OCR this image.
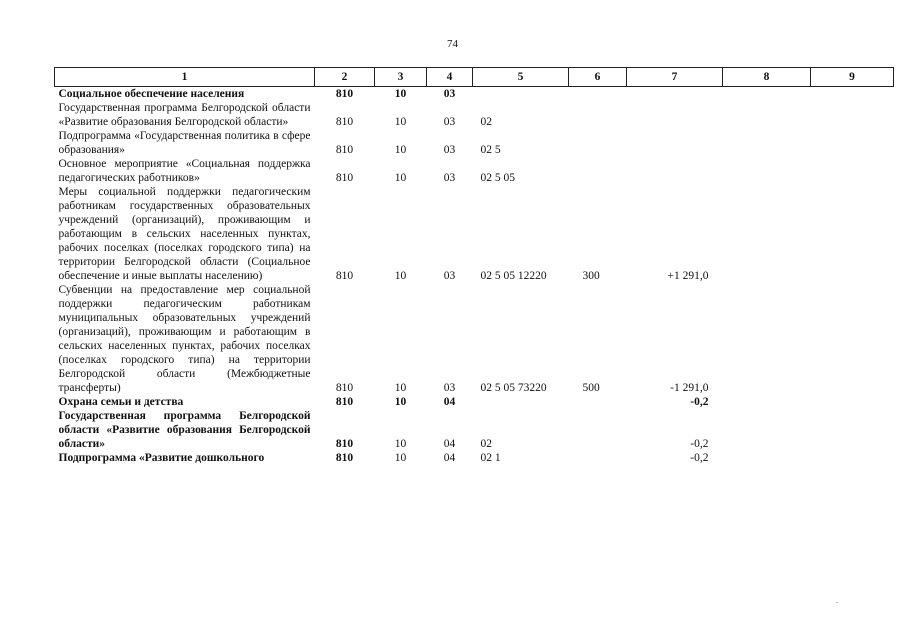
74
1	2	3	4	5	6	7	8	9
Социальное обеспечение населения	810	10	03					
Государственная программа Белгородской области «Развитие образования Белгородской области»	810	10	03	02				
Подпрограмма «Государственная политика в сфере образования»	810	10	03	02 5				
Основное мероприятие «Социальная поддержка педагогических работников»	810	10	03	02 5 05				
Меры социальной поддержки педагогическим работникам государственных образовательных учреждений (организаций), проживающим и работающим в сельских населенных пунктах, рабочих поселках (поселках городского типа) на территории Белгородской области (Социальное обеспечение и иные выплаты населению)	810	10	03	02 5 05 12220	300	+1 291,0		
Субвенции на предоставление мер социальной поддержки педагогическим работникам муниципальных образовательных учреждений (организаций), проживающим и работающим в сельских населенных пунктах, рабочих поселках (поселках городского типа) на территории Белгородской области (Межбюджетные трансферты)	810	10	03	02 5 05 73220	500	-1 291,0		
Охрана семьи и детства	810	10	04			-0,2		
Государственная программа Белгородской области «Развитие образования Белгородской области»	810	10	04	02		-0,2		
Подпрограмма «Развитие дошкольного	810	10	04	02 1		-0,2		
